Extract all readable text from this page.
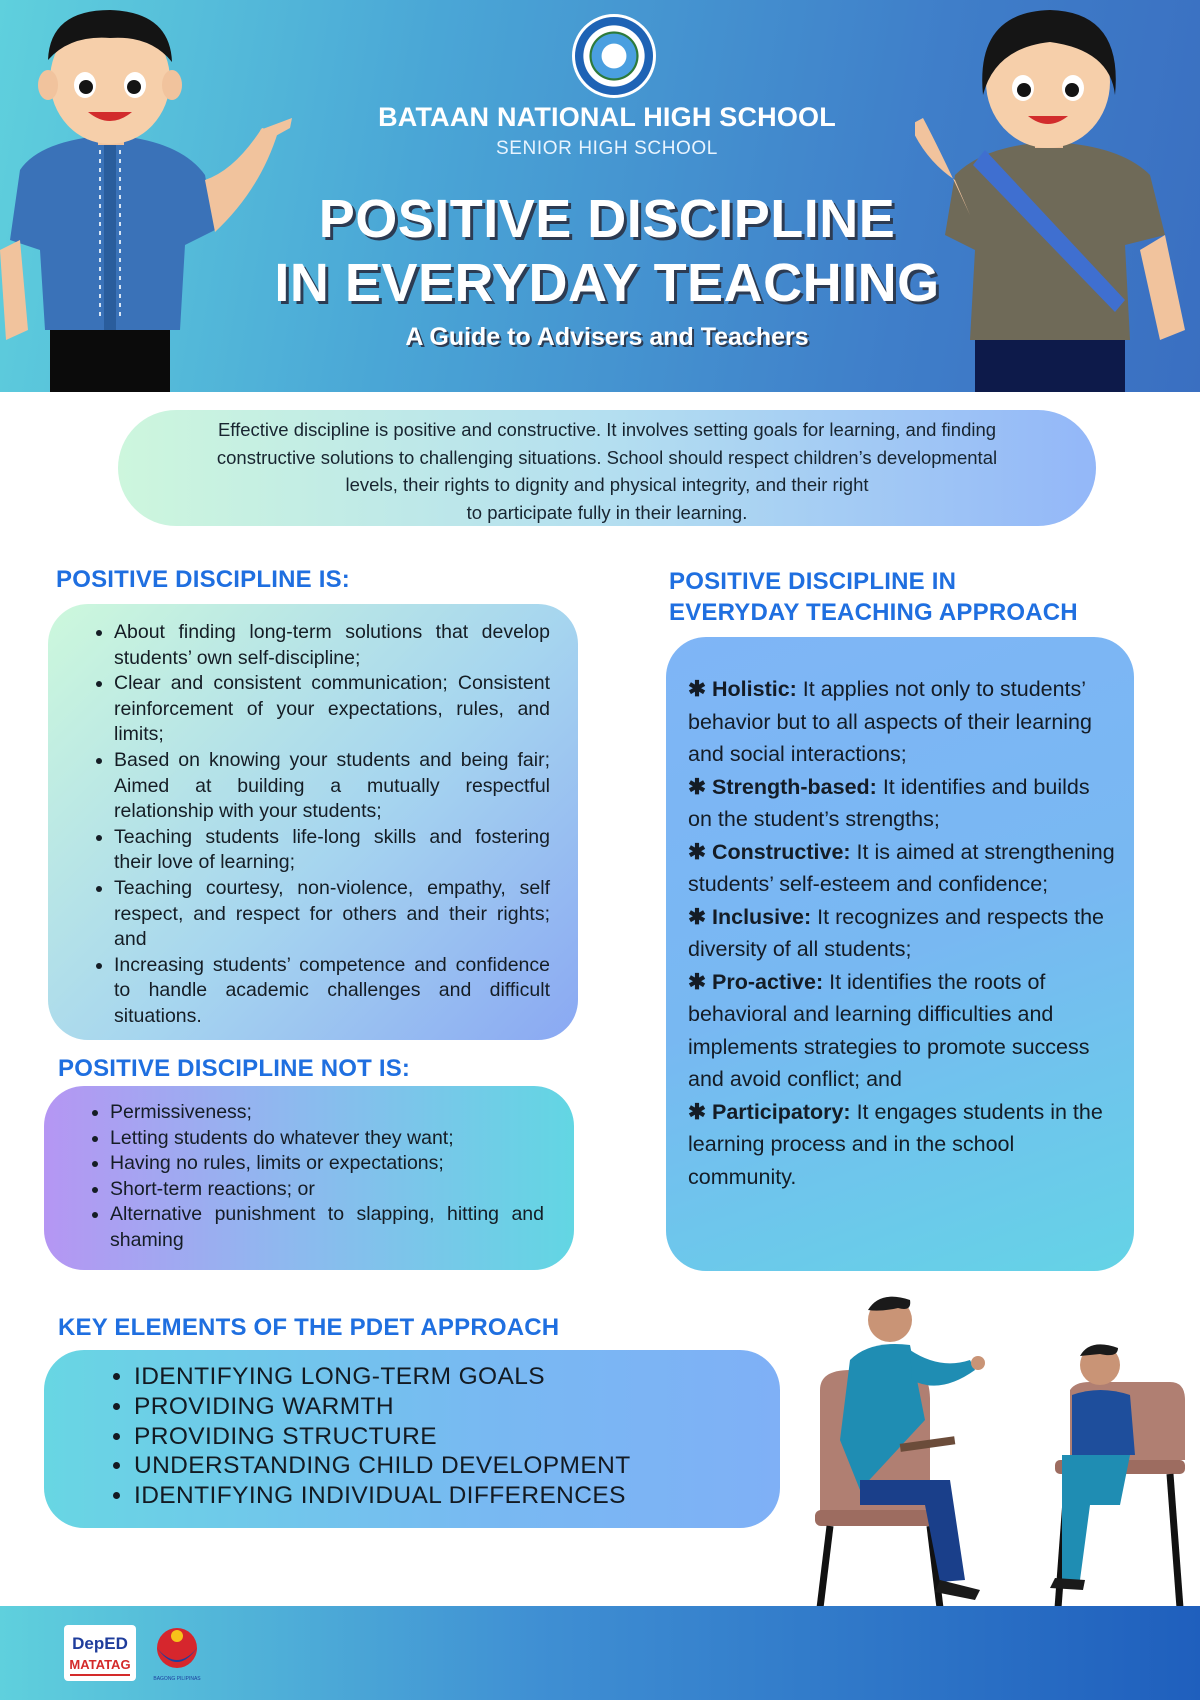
BATAAN NATIONAL HIGH SCHOOL
SENIOR HIGH SCHOOL
POSITIVE DISCIPLINE
IN EVERYDAY TEACHING
A Guide to Advisers and Teachers
Effective discipline is positive and constructive. It involves setting goals for learning, and finding
constructive solutions to challenging situations. School should respect children’s developmental
levels, their rights to dignity and physical integrity, and their right
to participate fully in their learning.
POSITIVE DISCIPLINE IS:
• About finding long-term solutions that develop students’ own self-discipline;
• Clear and consistent communication; Consistent reinforcement of your expectations, rules, and limits;
• Based on knowing your students and being fair; Aimed at building a mutually respectful relationship with your students;
• Teaching students life-long skills and fostering their love of learning;
• Teaching courtesy, non-violence, empathy, self respect, and respect for others and their rights; and
• Increasing students’ competence and confidence to handle academic challenges and difficult situations.
POSITIVE DISCIPLINE NOT IS:
• Permissiveness;
• Letting students do whatever they want;
• Having no rules, limits or expectations;
• Short-term reactions; or
• Alternative punishment to slapping, hitting and shaming
POSITIVE DISCIPLINE IN
EVERYDAY TEACHING APPROACH

✱ Holistic: It applies not only to students’ behavior but to all aspects of their learning and social interactions;

✱ Strength-based: It identifies and builds on the student’s strengths;

✱ Constructive: It is aimed at strengthening students’ self-esteem and confidence;

✱ Inclusive: It recognizes and respects the diversity of all students;

✱ Pro-active: It identifies the roots of behavioral and learning difficulties and implements strategies to promote success and avoid conflict; and

✱ Participatory: It engages students in the learning process and in the school community.

KEY ELEMENTS OF THE PDET APPROACH
• IDENTIFYING LONG-TERM GOALS
• PROVIDING WARMTH
• PROVIDING STRUCTURE
• UNDERSTANDING CHILD DEVELOPMENT
• IDENTIFYING INDIVIDUAL DIFFERENCES
DepED
MATATAG
BAGONG PILIPINAS
